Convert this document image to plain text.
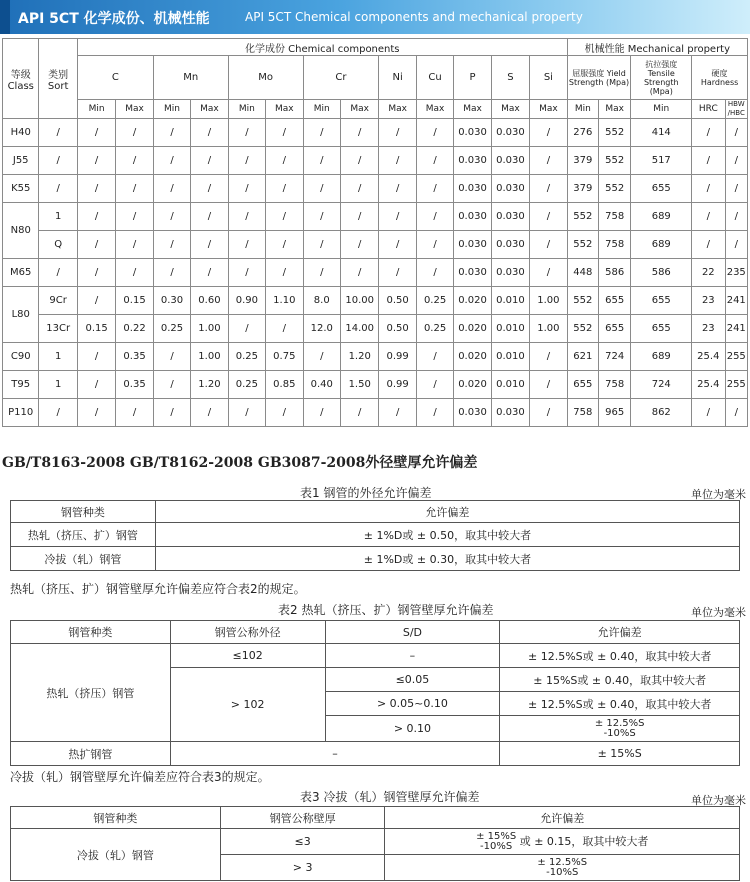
API 5CT 化学成份、机械性能	API 5CT Chemical components and mechanical property
等级 Class	类别 Sort	化学成份 Chemical components													机械性能 Mechanical property				
		C		Mn		Mo		Cr		Ni	Cu	P	S	Si	屈服强度 Yield Strength (Mpa)		抗拉强度 Tensile Strength (Mpa)	硬度 Hardness	
		Min	Max	Min	Max	Min	Max	Min	Max	Max	Max	Max	Max	Max	Min	Max	Min	HRC	HBW /HBC
H40	/	/	/	/	/	/	/	/	/	/	/	0.030	0.030	/	276	552	414	/	/
J55	/	/	/	/	/	/	/	/	/	/	/	0.030	0.030	/	379	552	517	/	/
K55	/	/	/	/	/	/	/	/	/	/	/	0.030	0.030	/	379	552	655	/	/
N80	1	/	/	/	/	/	/	/	/	/	/	0.030	0.030	/	552	758	689	/	/
	Q	/	/	/	/	/	/	/	/	/	/	0.030	0.030	/	552	758	689	/	/
M65	/	/	/	/	/	/	/	/	/	/	/	0.030	0.030	/	448	586	586	22	235
L80	9Cr	/	0.15	0.30	0.60	0.90	1.10	8.0	10.00	0.50	0.25	0.020	0.010	1.00	552	655	655	23	241
	13Cr	0.15	0.22	0.25	1.00	/	/	12.0	14.00	0.50	0.25	0.020	0.010	1.00	552	655	655	23	241
C90	1	/	0.35	/	1.00	0.25	0.75	/	1.20	0.99	/	0.020	0.010	/	621	724	689	25.4	255
T95	1	/	0.35	/	1.20	0.25	0.85	0.40	1.50	0.99	/	0.020	0.010	/	655	758	724	25.4	255
P110	/	/	/	/	/	/	/	/	/	/	/	0.030	0.030	/	758	965	862	/	/
GB/T8163-2008 GB/T8162-2008 GB3087-2008外径壁厚允许偏差
表1 钢管的外径允许偏差	单位为毫米
钢管种类	允许偏差
热轧（挤压、扩）钢管	± 1%D或 ± 0.50，取其中较大者
冷拔（轧）钢管	± 1%D或 ± 0.30，取其中较大者
热轧（挤压、扩）钢管壁厚允许偏差应符合表2的规定。
表2 热轧（挤压、扩）钢管壁厚允许偏差	单位为毫米
钢管种类	钢管公称外径	S/D	允许偏差
热轧（挤压）钢管	≤102	–	± 12.5%S或 ± 0.40，取其中较大者
	> 102	≤0.05	± 15%S或 ± 0.40，取其中较大者
		> 0.05~0.10	± 12.5%S或 ± 0.40，取其中较大者
		> 0.10	± 12.5%S
-10%S
热扩钢管	–		± 15%S
冷拔（轧）钢管壁厚允许偏差应符合表3的规定。
表3 冷拔（轧）钢管壁厚允许偏差	单位为毫米
钢管种类	钢管公称壁厚	允许偏差
冷拔（轧）钢管	≤3	± 15%S
-10%S 或 ± 0.15，取其中较大者
	> 3	± 12.5%S
-10%S
